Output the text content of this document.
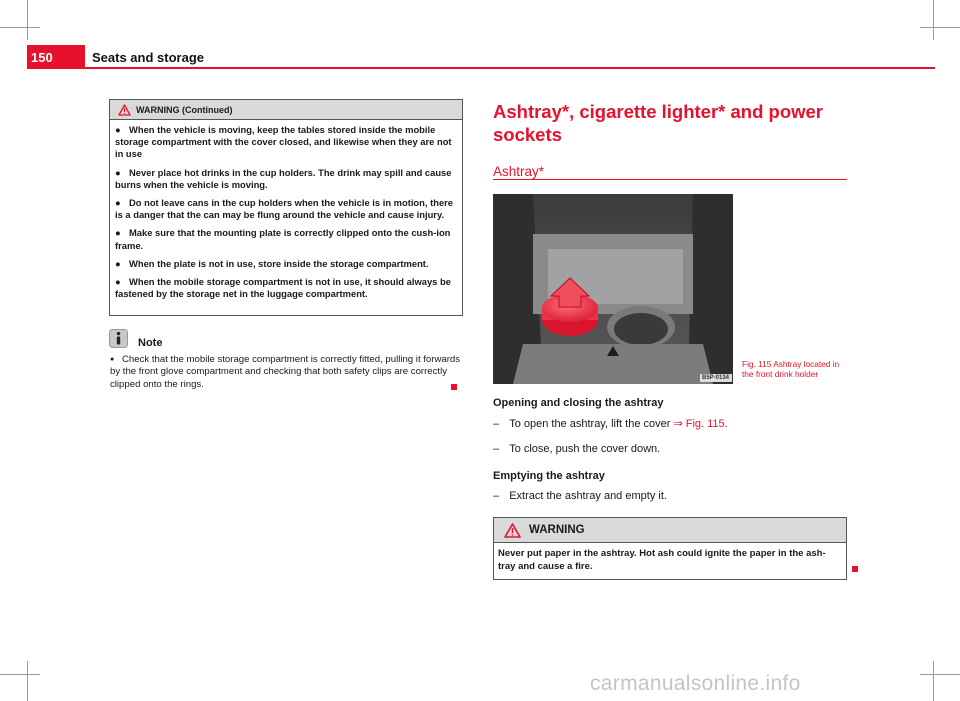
150	Seats and storage
WARNING (Continued)
● When the vehicle is moving, keep the tables stored inside the mobile storage compartment with the cover closed, and likewise when they are not in use
● Never place hot drinks in the cup holders. The drink may spill and cause burns when the vehicle is moving.
● Do not leave cans in the cup holders when the vehicle is in motion, there is a danger that the can may be flung around the vehicle and cause injury.
● Make sure that the mounting plate is correctly clipped onto the cush-ion frame.
● When the plate is not in use, store inside the storage compartment.
● When the mobile storage compartment is not in use, it should always be fastened by the storage net in the luggage compartment.
Note
● Check that the mobile storage compartment is correctly fitted, pulling it forwards by the front glove compartment and checking that both safety clips are correctly clipped onto the rings.
Ashtray*, cigarette lighter* and power sockets
Ashtray*
B5P-0134
Fig. 115 Ashtray located in the front drink holder
Opening and closing the ashtray
– To open the ashtray, lift the cover ⇒ Fig. 115.
– To close, push the cover down.
Emptying the ashtray
– Extract the ashtray and empty it.
WARNING
Never put paper in the ashtray. Hot ash could ignite the paper in the ash-tray and cause a fire.
carmanualsonline.info
